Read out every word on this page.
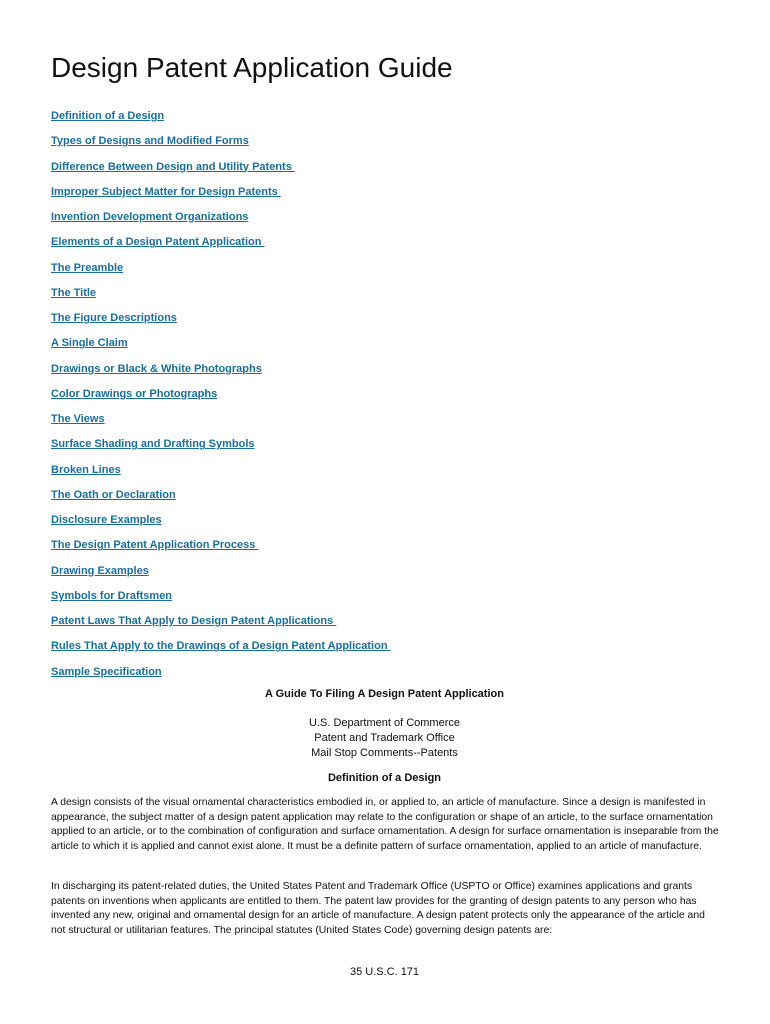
Design Patent Application Guide
Definition of a Design
Types of Designs and Modified Forms
Difference Between Design and Utility Patents
Improper Subject Matter for Design Patents
Invention Development Organizations
Elements of a Design Patent Application
The Preamble
The Title
The Figure Descriptions
A Single Claim
Drawings or Black & White Photographs
Color Drawings or Photographs
The Views
Surface Shading and Drafting Symbols
Broken Lines
The Oath or Declaration
Disclosure Examples
The Design Patent Application Process
Drawing Examples
Symbols for Draftsmen
Patent Laws That Apply to Design Patent Applications
Rules That Apply to the Drawings of a Design Patent Application
Sample Specification

A Guide To Filing A Design Patent Application

U.S. Department of Commerce
Patent and Trademark Office
Mail Stop Comments--Patents

Definition of a Design

A design consists of the visual ornamental characteristics embodied in, or applied to, an article of manufacture. Since a design is manifested in appearance, the subject matter of a design patent application may relate to the configuration or shape of an article, to the surface ornamentation applied to an article, or to the combination of configuration and surface ornamentation. A design for surface ornamentation is inseparable from the article to which it is applied and cannot exist alone. It must be a definite pattern of surface ornamentation, applied to an article of manufacture.

In discharging its patent-related duties, the United States Patent and Trademark Office (USPTO or Office) examines applications and grants patents on inventions when applicants are entitled to them. The patent law provides for the granting of design patents to any person who has invented any new, original and ornamental design for an article of manufacture. A design patent protects only the appearance of the article and not structural or utilitarian features. The principal statutes (United States Code) governing design patents are:

35 U.S.C. 171
